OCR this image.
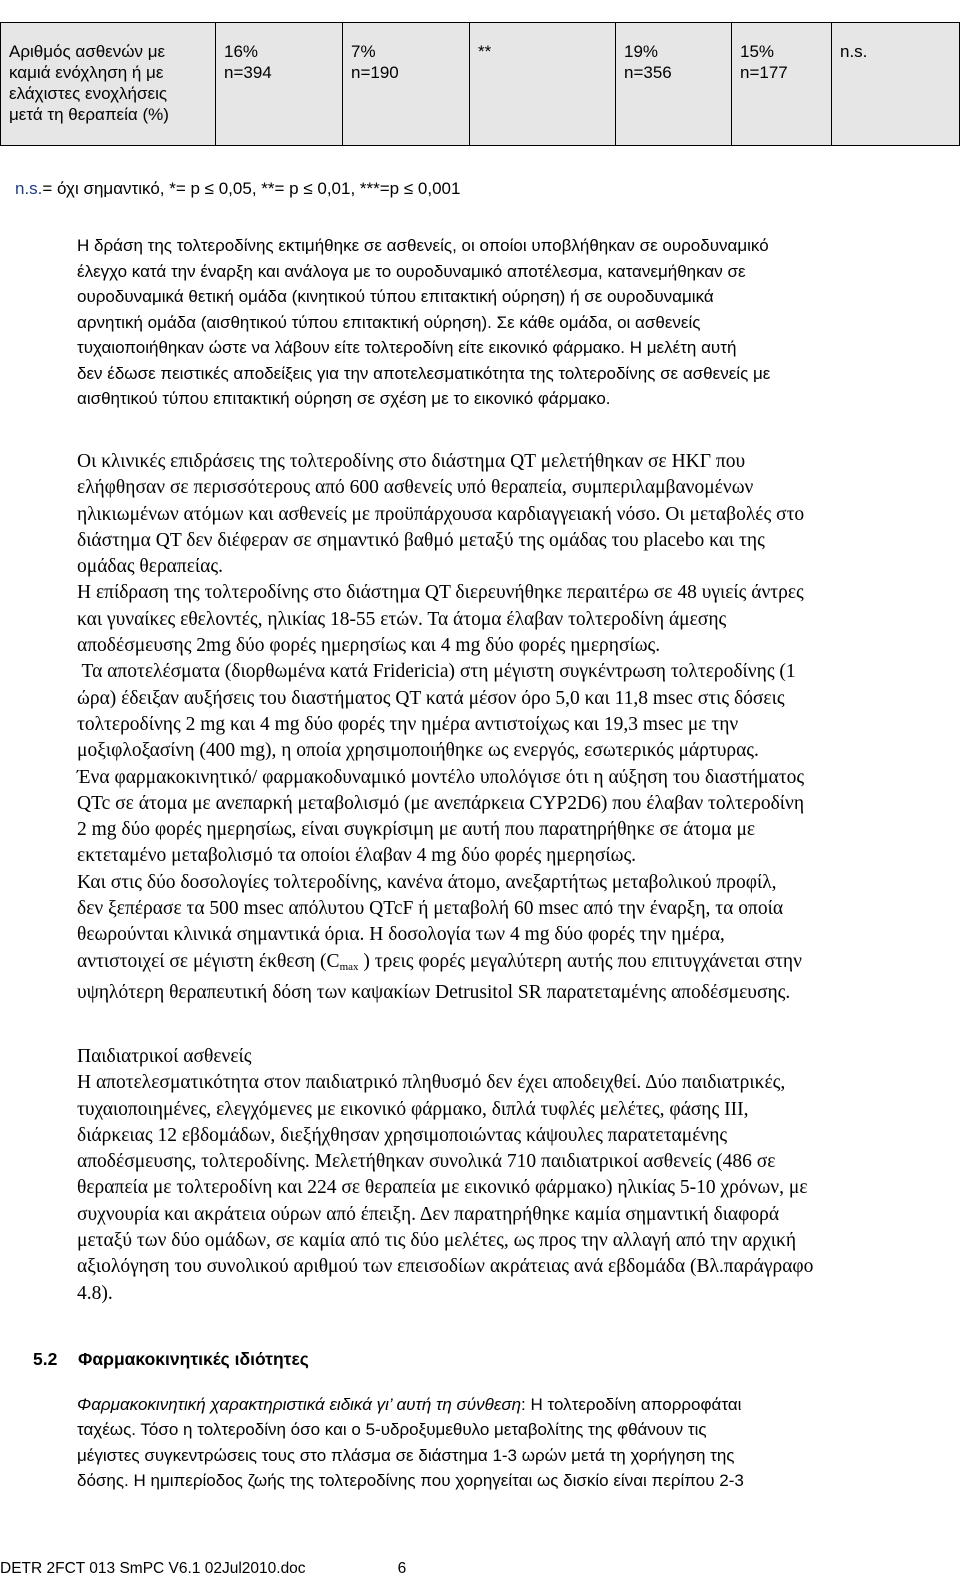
Αριθμός ασθενών με
καμιά ενόχληση ή με
ελάχιστες ενοχλήσεις
μετά τη θεραπεία (%)
16%
n=394
7%
n=190
**	19%
n=356
15%
n=177
n.s.
n.s.= όχι σημαντικό, *= p ≤ 0,05, **= p ≤ 0,01, ***=p ≤ 0,001
Η δράση της τολτεροδίνης εκτιμήθηκε σε ασθενείς, οι οποίοι υποβλήθηκαν σε ουροδυναμικό
έλεγχο κατά την έναρξη και ανάλογα με το ουροδυναμικό αποτέλεσμα, κατανεμήθηκαν σε
ουροδυναμικά θετική ομάδα (κινητικού τύπου επιτακτική ούρηση) ή σε ουροδυναμικά
αρνητική ομάδα (αισθητικού τύπου επιτακτική ούρηση). Σε κάθε ομάδα, οι ασθενείς
τυχαιοποιήθηκαν ώστε να λάβουν είτε τολτεροδίνη είτε εικονικό φάρμακο. Η μελέτη αυτή
δεν έδωσε πειστικές αποδείξεις για την αποτελεσματικότητα της τολτεροδίνης σε ασθενείς με
αισθητικού τύπου επιτακτική ούρηση σε σχέση με το εικονικό φάρμακο.
Οι κλινικές επιδράσεις της τολτεροδίνης στο διάστημα QT μελετήθηκαν σε ΗΚΓ που
ελήφθησαν σε περισσότερους από 600 ασθενείς υπό θεραπεία, συμπεριλαμβανομένων
ηλικιωμένων ατόμων και ασθενείς με προϋπάρχουσα καρδιαγγειακή νόσο. Οι μεταβολές στο
διάστημα QT δεν διέφεραν σε σημαντικό βαθμό μεταξύ της ομάδας του placebo και της
ομάδας θεραπείας.
Η επίδραση της τολτεροδίνης στο διάστημα QT διερευνήθηκε περαιτέρω σε 48 υγιείς άντρες
και γυναίκες εθελοντές, ηλικίας 18-55 ετών. Τα άτομα έλαβαν τολτεροδίνη άμεσης
αποδέσμευσης 2mg δύο φορές ημερησίως και 4 mg δύο φορές ημερησίως.
Τα αποτελέσματα (διορθωμένα κατά Fridericia) στη μέγιστη συγκέντρωση τολτεροδίνης (1
ώρα) έδειξαν αυξήσεις του διαστήματος QT κατά μέσον όρο 5,0 και 11,8 msec στις δόσεις
τολτεροδίνης 2 mg και 4 mg δύο φορές την ημέρα αντιστοίχως και 19,3 msec με την
μοξιφλοξασίνη (400 mg), η οποία χρησιμοποιήθηκε ως ενεργός, εσωτερικός μάρτυρας.
Ένα φαρμακοκινητικό/ φαρμακοδυναμικό μοντέλο υπολόγισε ότι η αύξηση του διαστήματος
QTc σε άτομα με ανεπαρκή μεταβολισμό (με ανεπάρκεια CYP2D6) που έλαβαν τολτεροδίνη
2 mg δύο φορές ημερησίως, είναι συγκρίσιμη με αυτή που παρατηρήθηκε σε άτομα με
εκτεταμένο μεταβολισμό τα οποίοι έλαβαν 4 mg δύο φορές ημερησίως.
Και στις δύο δοσολογίες τολτεροδίνης, κανένα άτομο, ανεξαρτήτως μεταβολικού προφίλ,
δεν ξεπέρασε τα 500 msec απόλυτου QTcF ή μεταβολή 60 msec από την έναρξη, τα οποία
θεωρούνται κλινικά σημαντικά όρια. Η δοσολογία των 4 mg δύο φορές την ημέρα,
αντιστοιχεί σε μέγιστη έκθεση ($C_{max}$ ) τρεις φορές μεγαλύτερη αυτής που επιτυγχάνεται στην
υψηλότερη θεραπευτική δόση των καψακίων Detrusitol SR παρατεταμένης αποδέσμευσης.
Παιδιατρικοί ασθενείς
Η αποτελεσματικότητα στον παιδιατρικό πληθυσμό δεν έχει αποδειχθεί. Δύο παιδιατρικές,
τυχαιοποιημένες, ελεγχόμενες με εικονικό φάρμακο, διπλά τυφλές μελέτες, φάσης ΙΙΙ,
διάρκειας 12 εβδομάδων, διεξήχθησαν χρησιμοποιώντας κάψουλες παρατεταμένης
αποδέσμευσης, τολτεροδίνης. Μελετήθηκαν συνολικά 710 παιδιατρικοί ασθενείς (486 σε
θεραπεία με τολτεροδίνη και 224 σε θεραπεία με εικονικό φάρμακο) ηλικίας 5-10 χρόνων, με
συχνουρία και ακράτεια ούρων από έπειξη. Δεν παρατηρήθηκε καμία σημαντική διαφορά
μεταξύ των δύο ομάδων, σε καμία από τις δύο μελέτες, ως προς την αλλαγή από την αρχική
αξιολόγηση του συνολικού αριθμού των επεισοδίων ακράτειας ανά εβδομάδα (Βλ.παράγραφο
4.8).
5.2 Φαρμακοκινητικές ιδιότητες
Φαρμακοκινητική χαρακτηριστικά ειδικά γι’ αυτή τη σύνθεση: Η τολτεροδίνη απορροφάται
ταχέως. Τόσο η τολτεροδίνη όσο και ο 5-υδροξυμεθυλο μεταβολίτης της φθάνουν τις
μέγιστες συγκεντρώσεις τους στο πλάσμα σε διάστημα 1-3 ωρών μετά τη χορήγηση της
δόσης. Η ημιπερίοδος ζωής της τολτεροδίνης που χορηγείται ως δισκίο είναι περίπου 2-3
DETR 2FCT 013 SmPC V6.1 02Jul2010.doc	6
